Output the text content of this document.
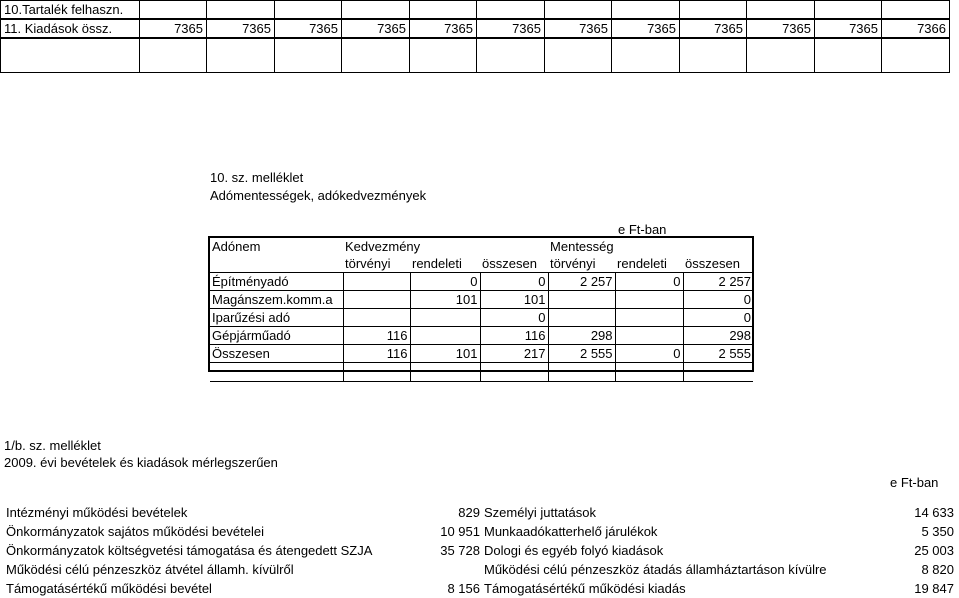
10.Tartalék felhaszn.												
11. Kiadások össz.	7365	7365	7365	7365	7365	7365	7365	7365	7365	7365	7365	7366

10. sz. melléklet
Adómentességek, adókedvezmények
e Ft-ban
Adónem	Kedvezmény			Mentesség		
	törvényi	rendeleti	összesen	törvényi	rendeleti	összesen
Építményadó		0	0	2 257	0	2 257
Magánszem.komm.a		101	101			0
Iparűzési adó			0			0
Gépjárműadó	116		116	298		298
Összesen	116	101	217	2 555	0	2 555

1/b. sz. melléklet
2009. évi bevételek és kiadások mérlegszerűen
e Ft-ban
Intézményi működési bevételek	829	Személyi juttatások	14 633
Önkormányzatok sajátos működési bevételei	10 951	Munkaadókatterhelő járulékok	5 350
Önkormányzatok költségvetési támogatása és átengedett SZJA	35 728	Dologi és egyéb folyó kiadások	25 003
Működési célú pénzeszköz átvétel államh. kívülről		Működési célú pénzeszköz átadás államháztartáson kívülre	8 820
Támogatásértékű működési bevétel	8 156	Támogatásértékű működési kiadás	19 847
